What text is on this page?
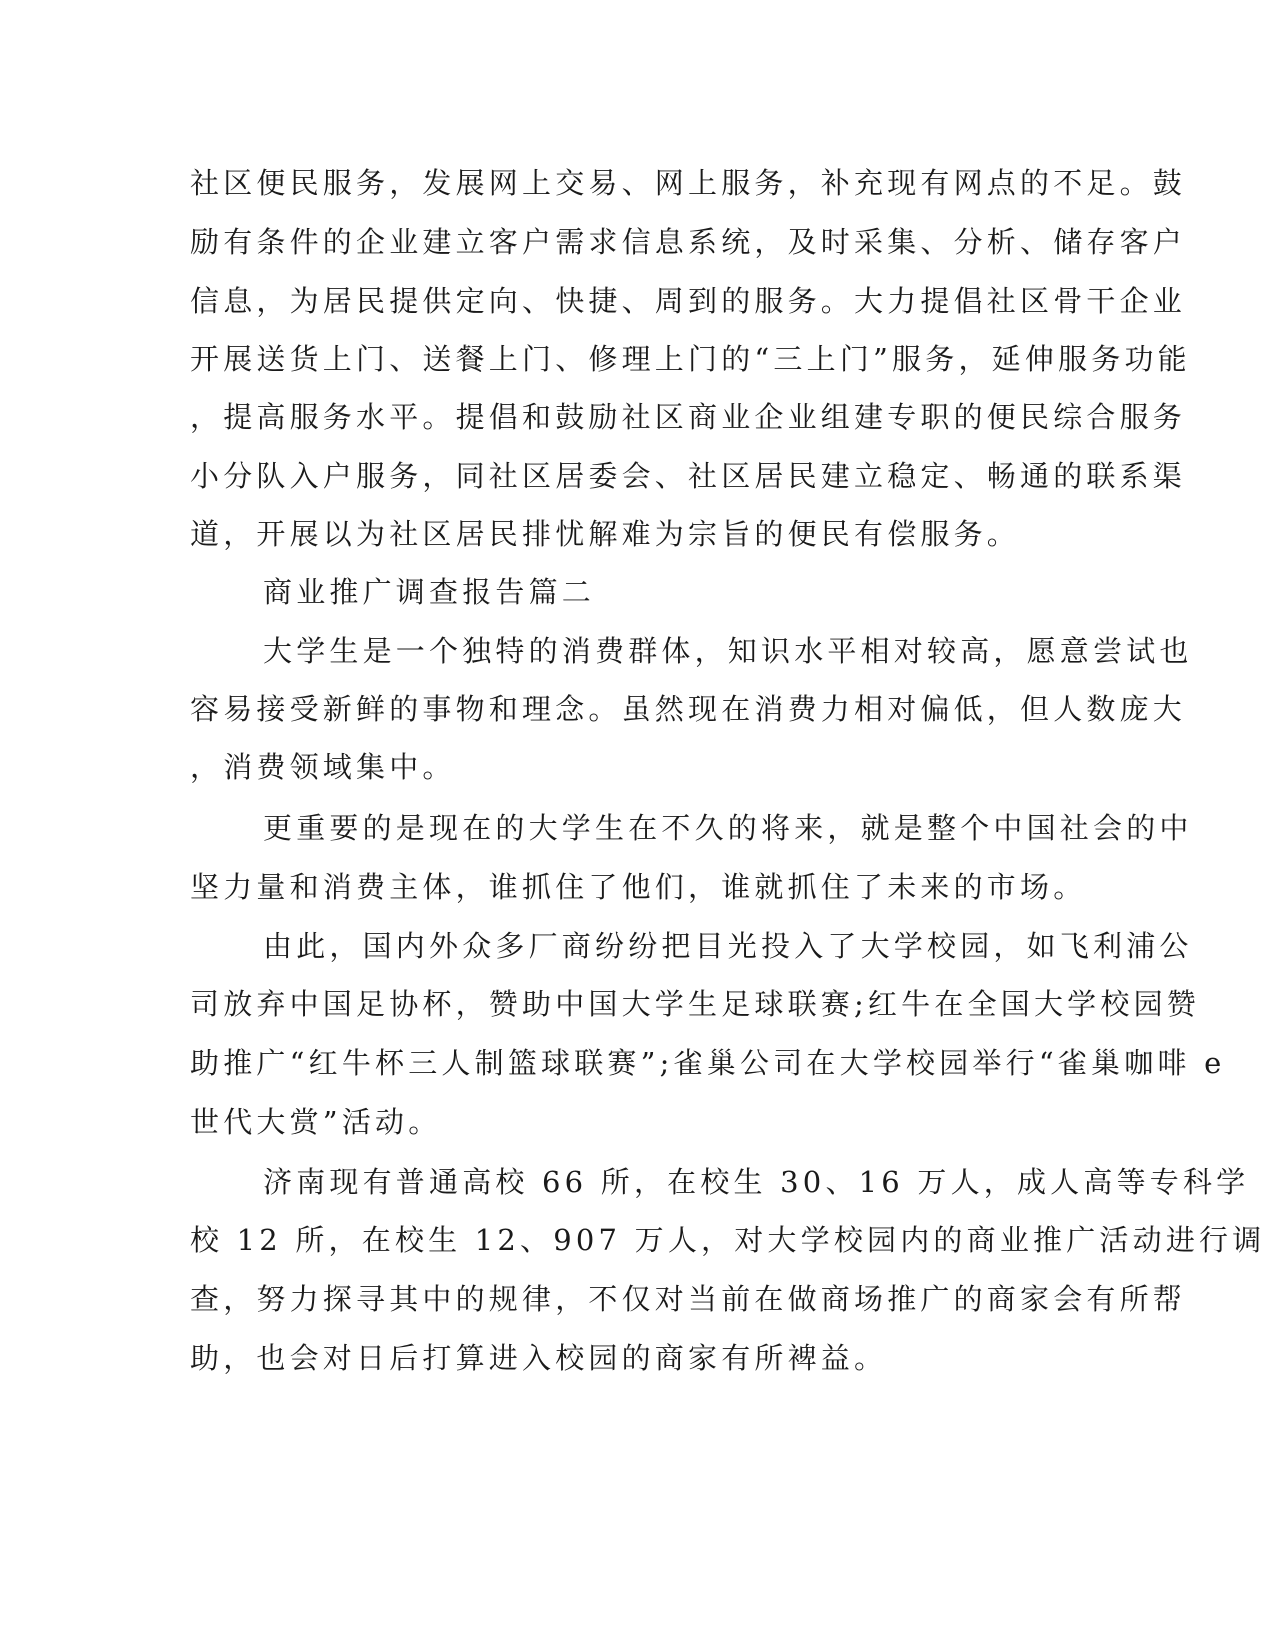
社区便民服务，发展网上交易、网上服务，补充现有网点的不足。鼓
励有条件的企业建立客户需求信息系统，及时采集、分析、储存客户
信息，为居民提供定向、快捷、周到的服务。大力提倡社区骨干企业
开展送货上门、送餐上门、修理上门的“三上门”服务，延伸服务功能
，提高服务水平。提倡和鼓励社区商业企业组建专职的便民综合服务
小分队入户服务，同社区居委会、社区居民建立稳定、畅通的联系渠
道，开展以为社区居民排忧解难为宗旨的便民有偿服务。
商业推广调查报告篇二
大学生是一个独特的消费群体，知识水平相对较高，愿意尝试也
容易接受新鲜的事物和理念。虽然现在消费力相对偏低，但人数庞大
，消费领域集中。
更重要的是现在的大学生在不久的将来，就是整个中国社会的中
坚力量和消费主体，谁抓住了他们，谁就抓住了未来的市场。
由此，国内外众多厂商纷纷把目光投入了大学校园，如飞利浦公
司放弃中国足协杯，赞助中国大学生足球联赛;红牛在全国大学校园赞
助推广“红牛杯三人制篮球联赛”;雀巢公司在大学校园举行“雀巢咖啡 e
世代大赏”活动。
济南现有普通高校 66 所，在校生 30、16 万人，成人高等专科学
校 12 所，在校生 12、907 万人，对大学校园内的商业推广活动进行调
查，努力探寻其中的规律，不仅对当前在做商场推广的商家会有所帮
助，也会对日后打算进入校园的商家有所裨益。
